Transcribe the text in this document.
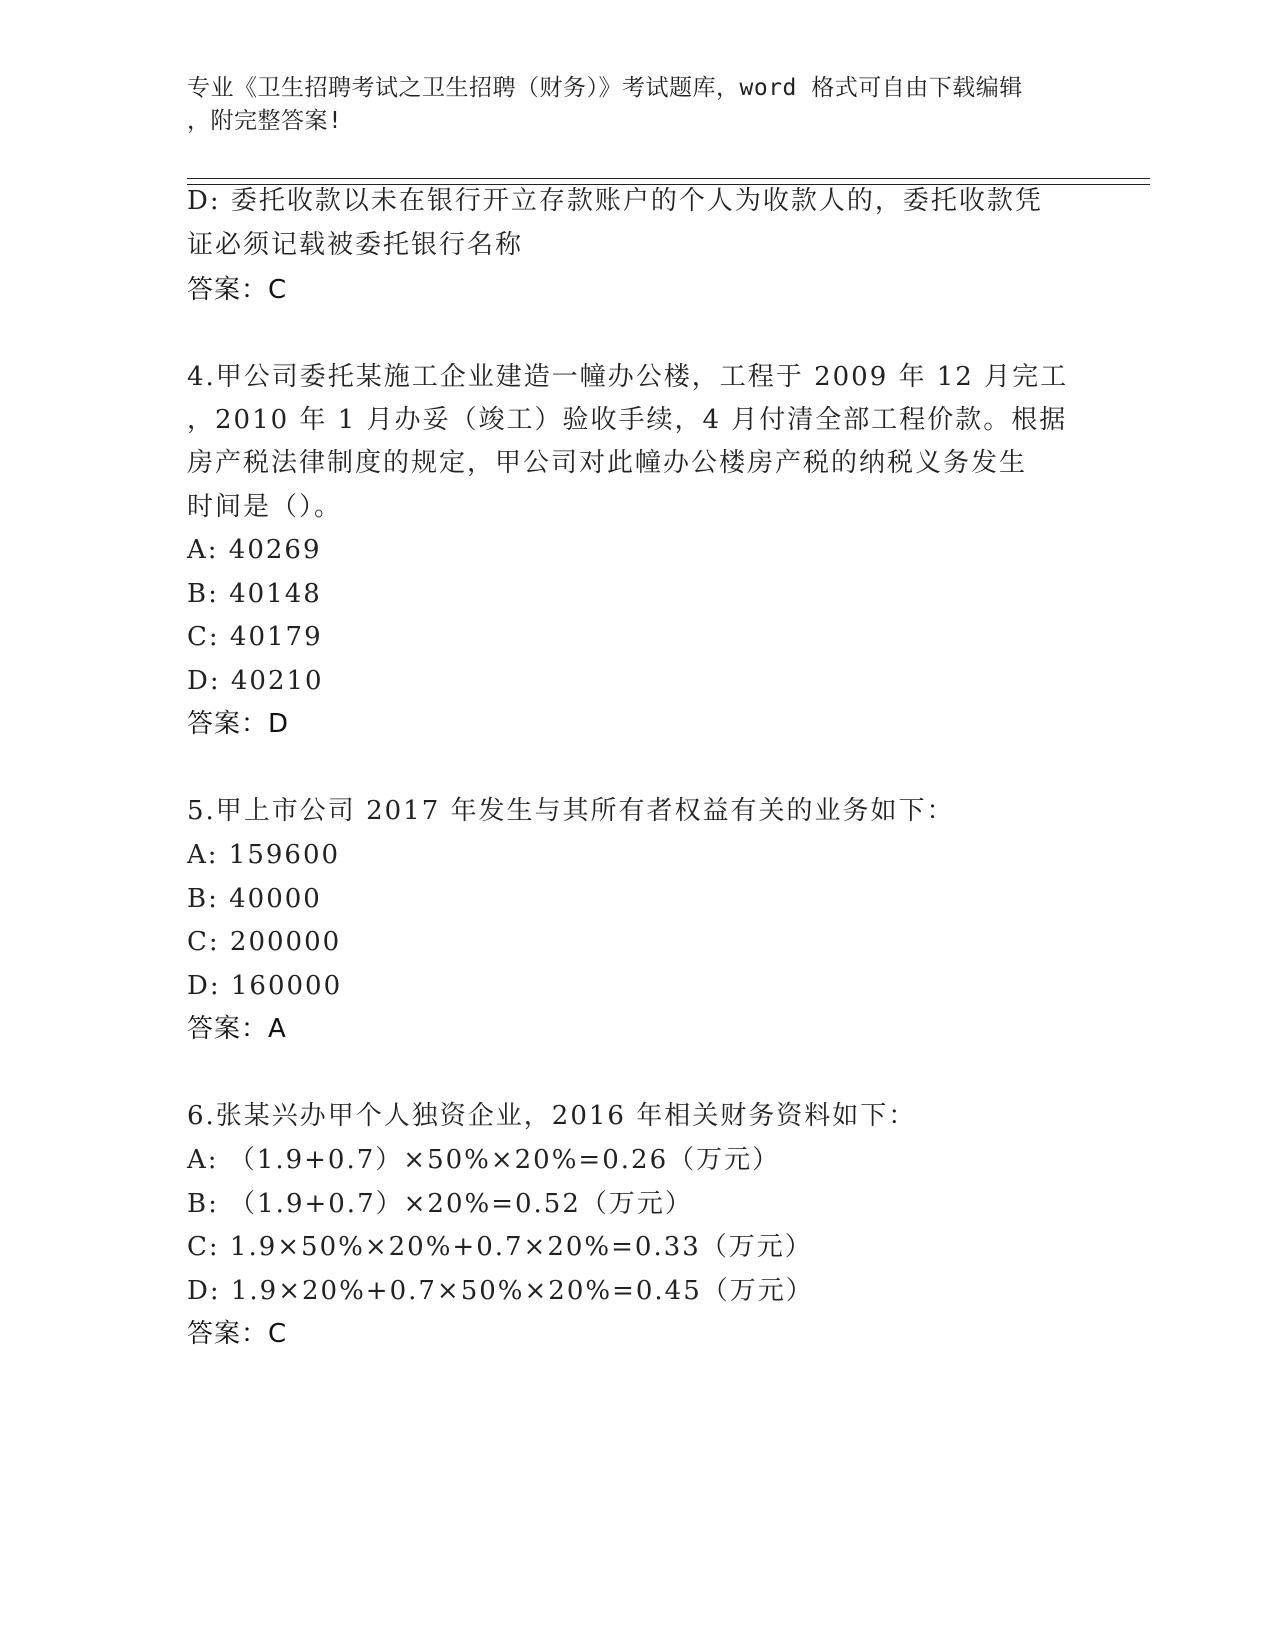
专业《卫生招聘考试之卫生招聘（财务）》考试题库，word 格式可自由下载编辑
，附完整答案!
D: 委托收款以未在银行开立存款账户的个人为收款人的，委托收款凭
证必须记载被委托银行名称
答案：C
4.甲公司委托某施工企业建造一幢办公楼，工程于 2009 年 12 月完工
，2010 年 1 月办妥（竣工）验收手续，4 月付清全部工程价款。根据
房产税法律制度的规定，甲公司对此幢办公楼房产税的纳税义务发生
时间是（）。
A: 40269
B: 40148
C: 40179
D: 40210
答案：D
5.甲上市公司 2017 年发生与其所有者权益有关的业务如下：
A: 159600
B: 40000
C: 200000
D: 160000
答案：A
6.张某兴办甲个人独资企业，2016 年相关财务资料如下：
A: （1.9+0.7）×50%×20%=0.26（万元）
B: （1.9+0.7）×20%=0.52（万元）
C: 1.9×50%×20%+0.7×20%=0.33（万元）
D: 1.9×20%+0.7×50%×20%=0.45（万元）
答案：C
